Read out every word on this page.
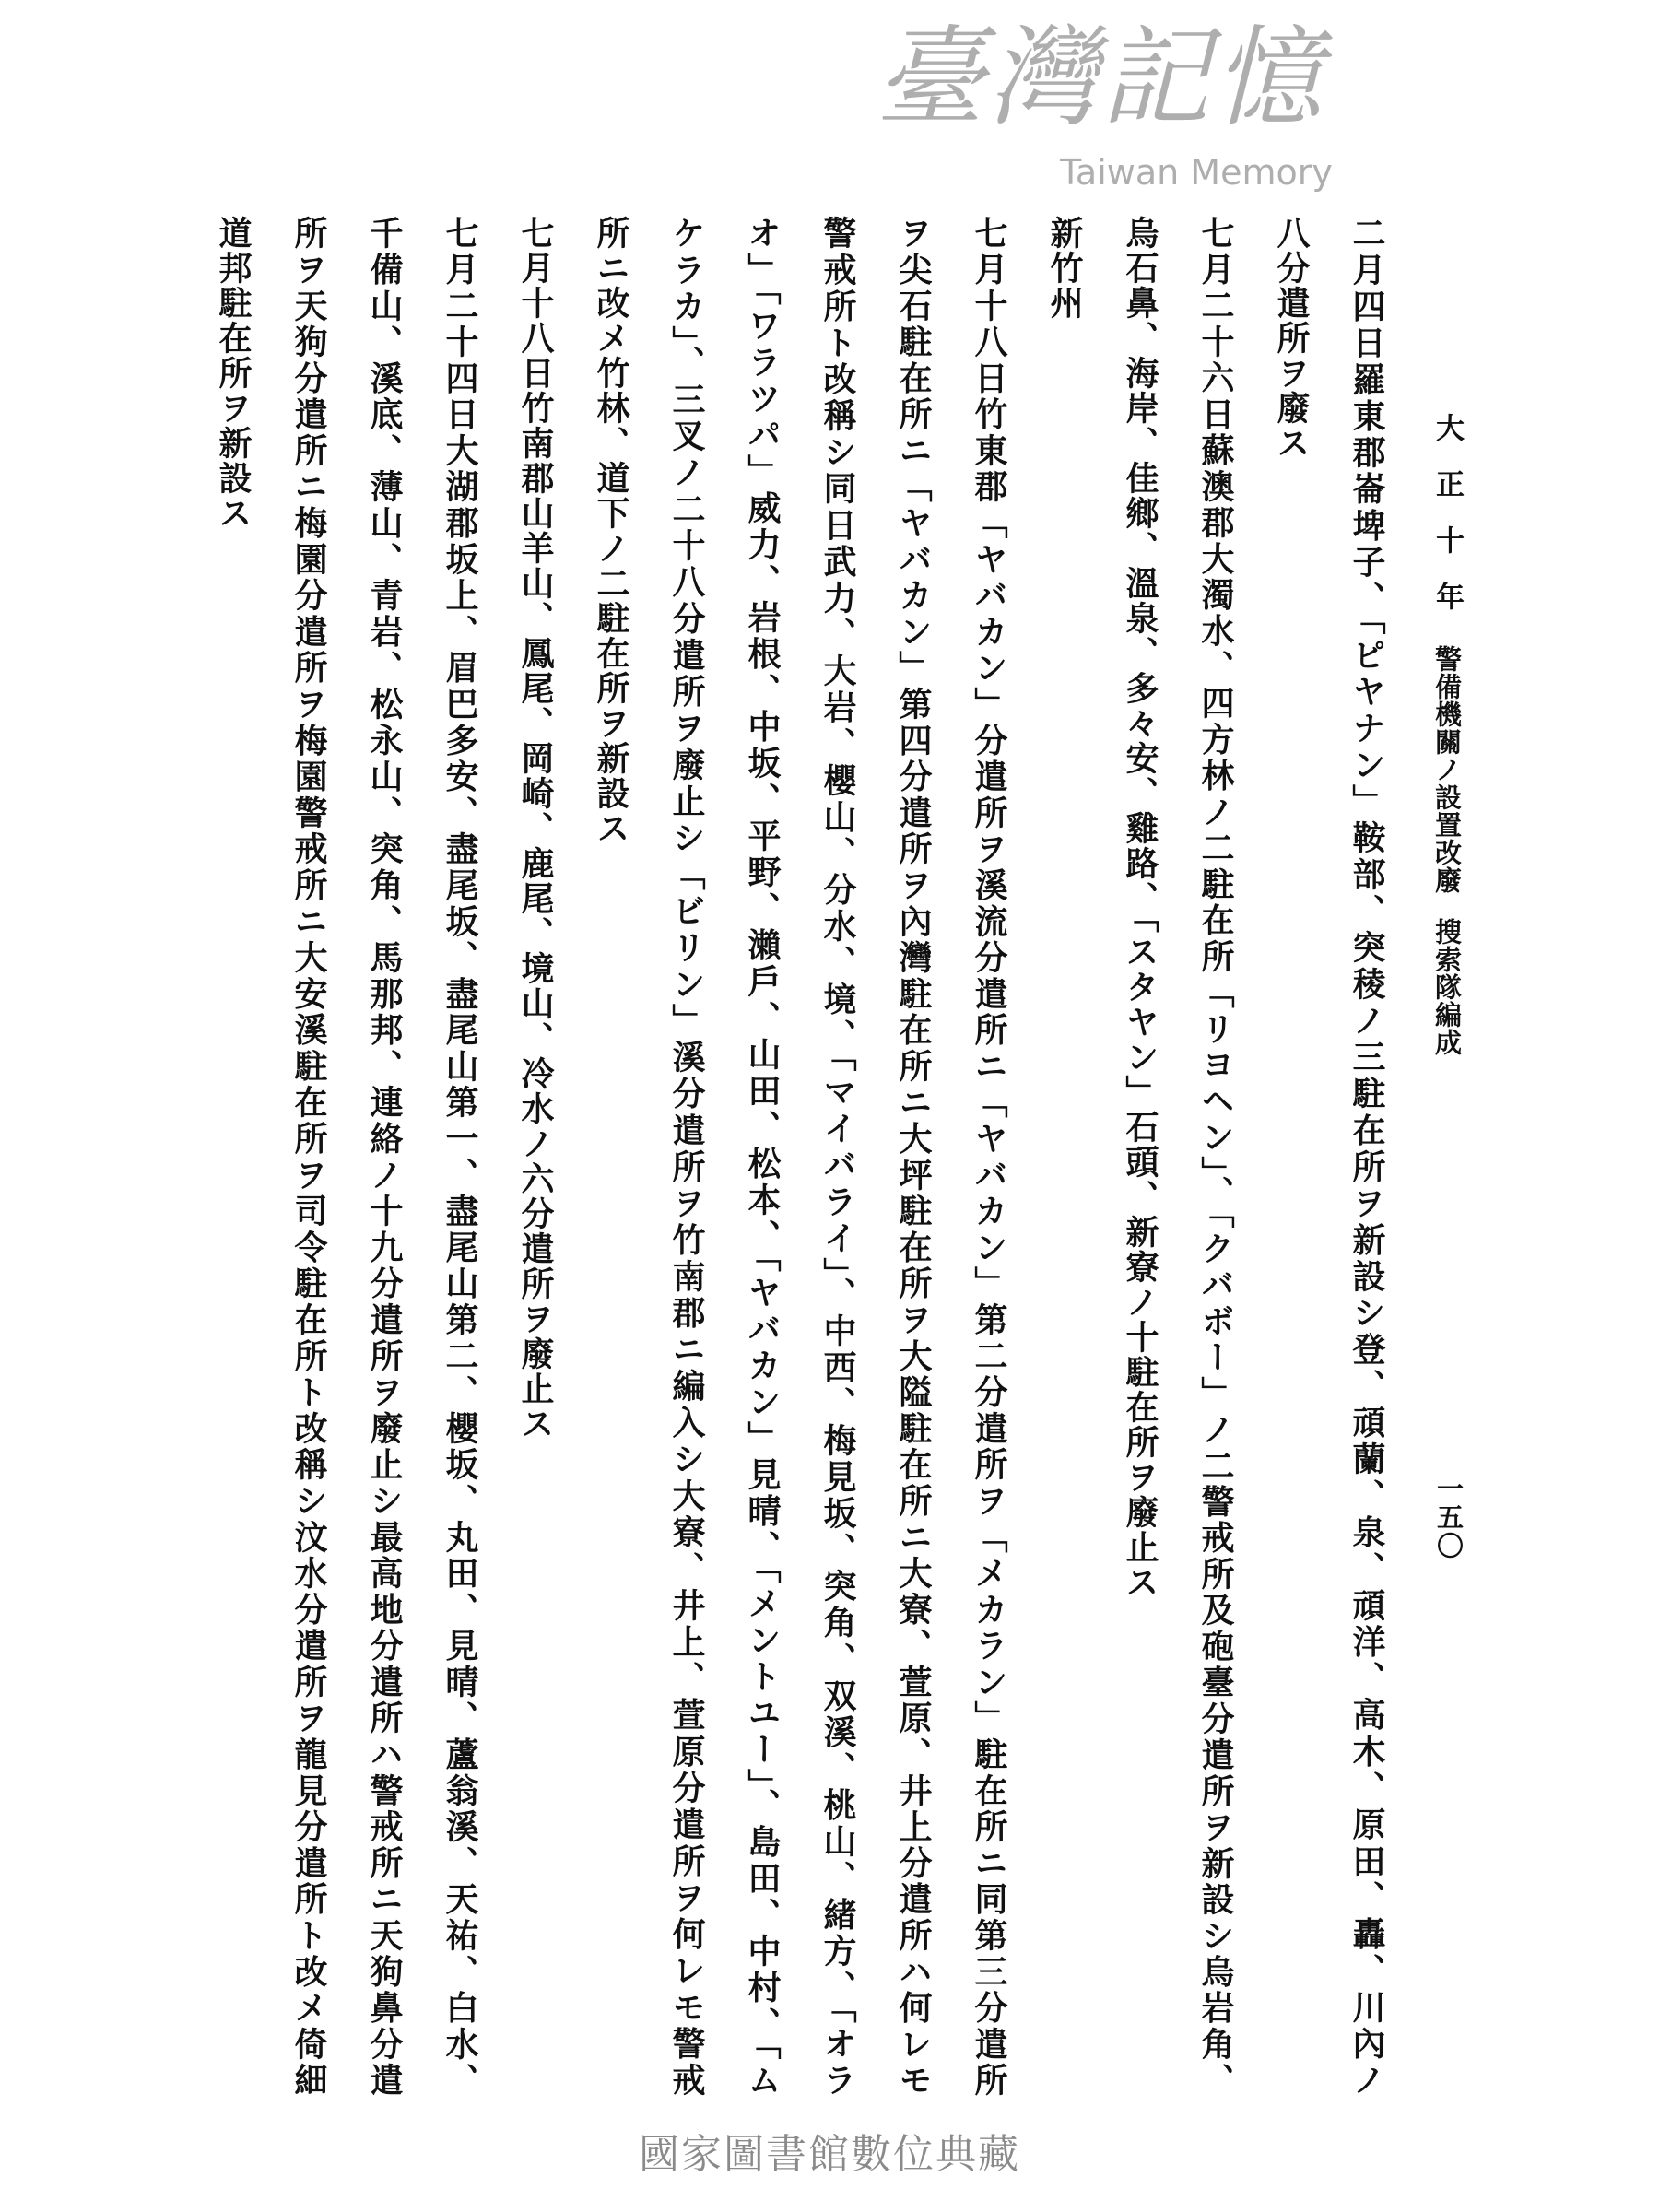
臺灣記憶
Taiwan Memory
大正十年
警備機關ノ設置改廢
搜索隊編成
一五〇
二月四日羅東郡崙埤子、「ピヤナン」鞍部、突稜ノ三駐在所ヲ新設シ登、頑蘭、泉、頑洋、高木、原田、轟、川內ノ
八分遣所ヲ廢ス
七月二十六日蘇澳郡大濁水、四方林ノ二駐在所「リヨヘン」、「クバボー」ノ二警戒所及砲臺分遣所ヲ新設シ烏岩角、
烏石鼻、海岸、佳鄉、溫泉、多々安、雞路、「スタヤン」石頭、新寮ノ十駐在所ヲ廢止ス
新竹州
七月十八日竹東郡「ヤバカン」分遣所ヲ溪流分遣所ニ「ヤバカン」第二分遣所ヲ「メカラン」駐在所ニ同第三分遣所
ヲ尖石駐在所ニ「ヤバカン」第四分遣所ヲ內灣駐在所ニ大坪駐在所ヲ大隘駐在所ニ大寮、萱原、井上分遣所ハ何レモ
警戒所ト改稱シ同日武力、大岩、櫻山、分水、境、「マイバライ」、中西、梅見坂、突角、双溪、桃山、緒方、「オラ
オ」「ワラツパ」威力、岩根、中坂、平野、瀨戶、山田、松本、「ヤバカン」見晴、「メントユー」、島田、中村、「ム
ケラカ」、三叉ノ二十八分遣所ヲ廢止シ「ビリン」溪分遣所ヲ竹南郡ニ編入シ大寮、井上、萱原分遣所ヲ何レモ警戒
所ニ改メ竹林、道下ノ二駐在所ヲ新設ス
七月十八日竹南郡山羊山、鳳尾、岡崎、鹿尾、境山、冷水ノ六分遣所ヲ廢止ス
七月二十四日大湖郡坂上、眉巴多安、盡尾坂、盡尾山第一、盡尾山第二、櫻坂、丸田、見晴、蘆翁溪、天祐、白水、
千備山、溪底、薄山、青岩、松永山、突角、馬那邦、連絡ノ十九分遣所ヲ廢止シ最高地分遣所ハ警戒所ニ天狗鼻分遣
所ヲ天狗分遣所ニ梅園分遣所ヲ梅園警戒所ニ大安溪駐在所ヲ司令駐在所ト改稱シ汶水分遣所ヲ龍見分遣所ト改メ倚細
道邦駐在所ヲ新設ス
國家圖書館數位典藏
